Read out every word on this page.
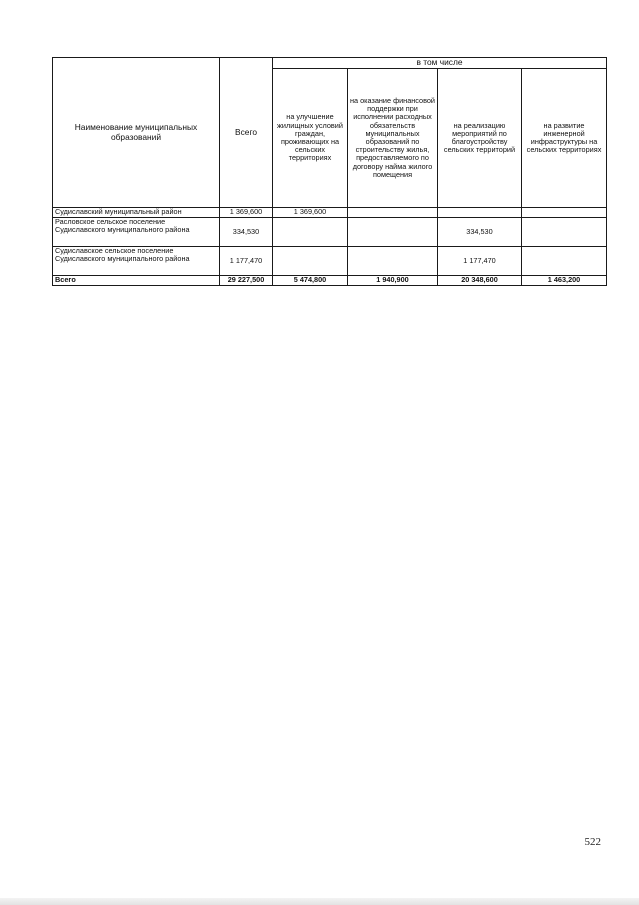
Наименование муниципальных образований	Всего	в том числе			
		на улучшение жилищных условий граждан, проживающих на сельских территориях	на оказание финансовой поддержки при исполнении расходных обязательств муниципальных образований по строительству жилья, предоставляемого по договору найма жилого помещения	на реализацию мероприятий по благоустройству сельских территорий	на развитие инженерной инфраструктуры на сельских территориях
Судиславский муниципальный район	1 369,600	1 369,600			
Расловское сельское поселение Судиславского муниципального района	334,530			334,530	
Судиславское сельское поселение Судиславского муниципального района	1 177,470			1 177,470	
Всего	29 227,500	5 474,800	1 940,900	20 348,600	1 463,200
522
